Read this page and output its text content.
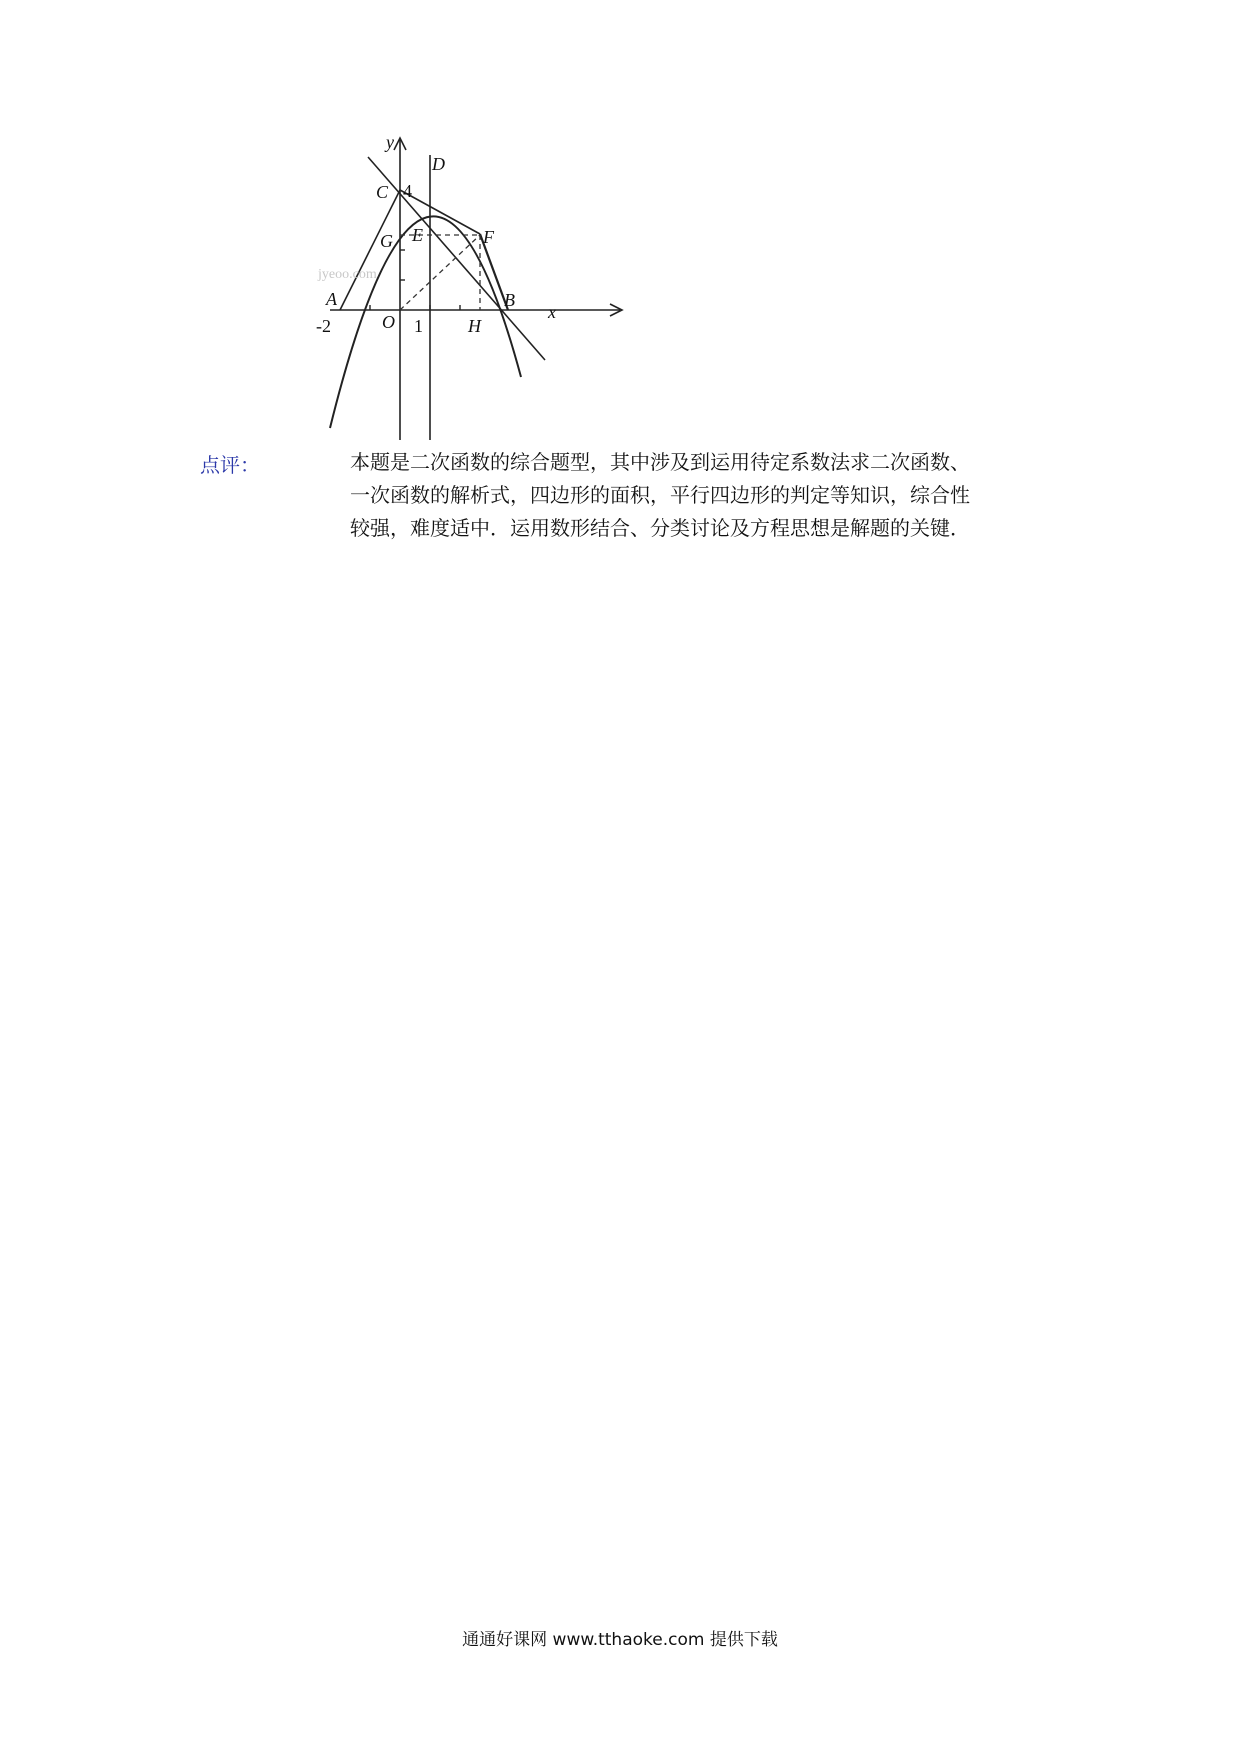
jyeoo.com
y
x
D
C 4
G E	F
A	B
-2	O 1	H
点评：	本题是二次函数的综合题型，其中涉及到运用待定系数法求二次函数、
一次函数的解析式，四边形的面积，平行四边形的判定等知识，综合性
较强，难度适中．运用数形结合、分类讨论及方程思想是解题的关键．
通通好课网 www.tthaoke.com 提供下载
